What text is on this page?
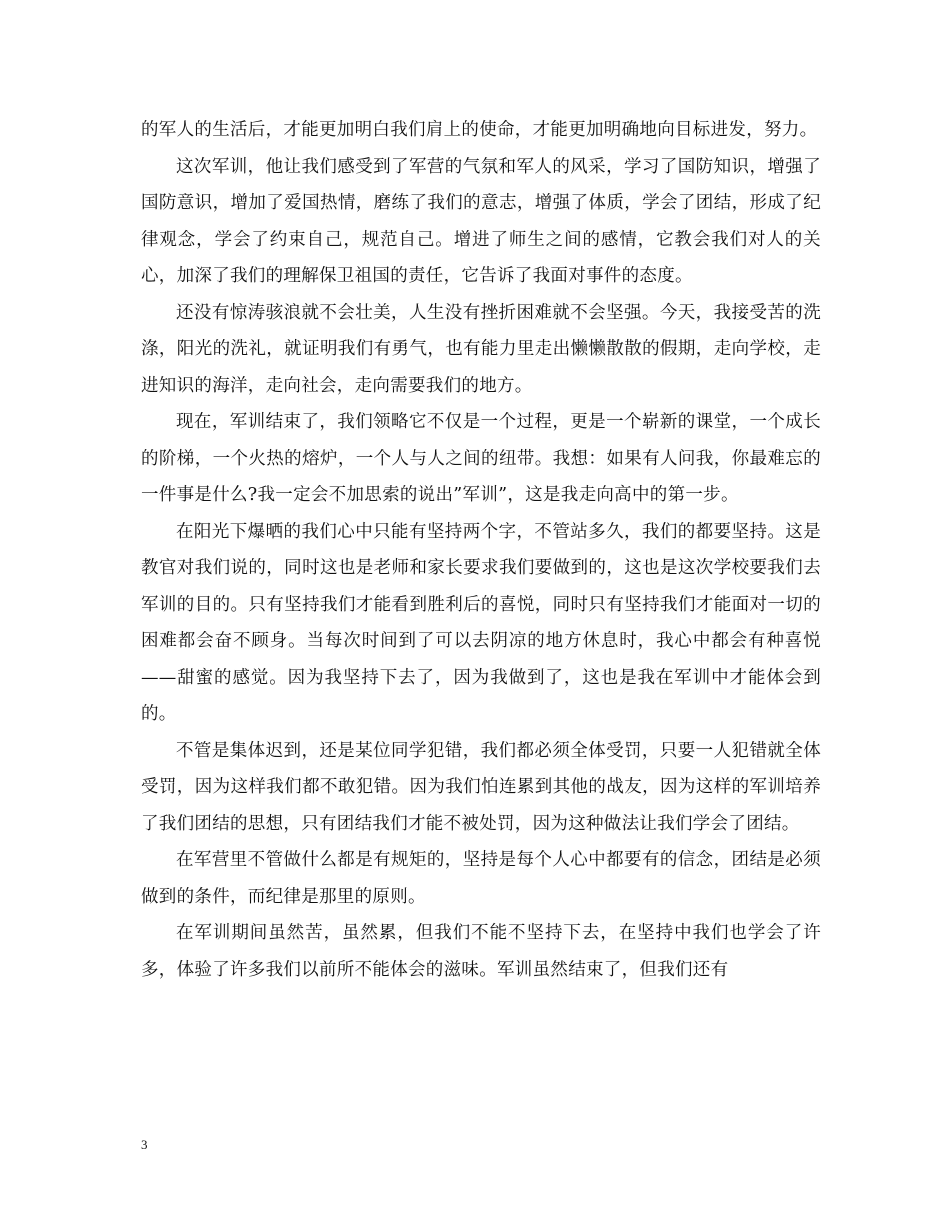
的军人的生活后，才能更加明白我们肩上的使命，才能更加明确地向目标进发，努力。

这次军训，他让我们感受到了军营的气氛和军人的风采，学习了国防知识，增强了国防意识，增加了爱国热情，磨练了我们的意志，增强了体质，学会了团结，形成了纪律观念，学会了约束自己，规范自己。增进了师生之间的感情，它教会我们对人的关心，加深了我们的理解保卫祖国的责任，它告诉了我面对事件的态度。

还没有惊涛骇浪就不会壮美，人生没有挫折困难就不会坚强。今天，我接受苦的洗涤，阳光的洗礼，就证明我们有勇气，也有能力里走出懒懒散散的假期，走向学校，走进知识的海洋，走向社会，走向需要我们的地方。

现在，军训结束了，我们领略它不仅是一个过程，更是一个崭新的课堂，一个成长的阶梯，一个火热的熔炉，一个人与人之间的纽带。我想：如果有人问我，你最难忘的一件事是什么?我一定会不加思索的说出”军训”，这是我走向高中的第一步。

在阳光下爆晒的我们心中只能有坚持两个字，不管站多久，我们的都要坚持。这是教官对我们说的，同时这也是老师和家长要求我们要做到的，这也是这次学校要我们去军训的目的。只有坚持我们才能看到胜利后的喜悦，同时只有坚持我们才能面对一切的困难都会奋不顾身。当每次时间到了可以去阴凉的地方休息时，我心中都会有种喜悦——甜蜜的感觉。因为我坚持下去了，因为我做到了，这也是我在军训中才能体会到的。

不管是集体迟到，还是某位同学犯错，我们都必须全体受罚，只要一人犯错就全体受罚，因为这样我们都不敢犯错。因为我们怕连累到其他的战友，因为这样的军训培养了我们团结的思想，只有团结我们才能不被处罚，因为这种做法让我们学会了团结。

在军营里不管做什么都是有规矩的，坚持是每个人心中都要有的信念，团结是必须做到的条件，而纪律是那里的原则。

在军训期间虽然苦，虽然累，但我们不能不坚持下去，在坚持中我们也学会了许多，体验了许多我们以前所不能体会的滋味。军训虽然结束了，但我们还有

3
